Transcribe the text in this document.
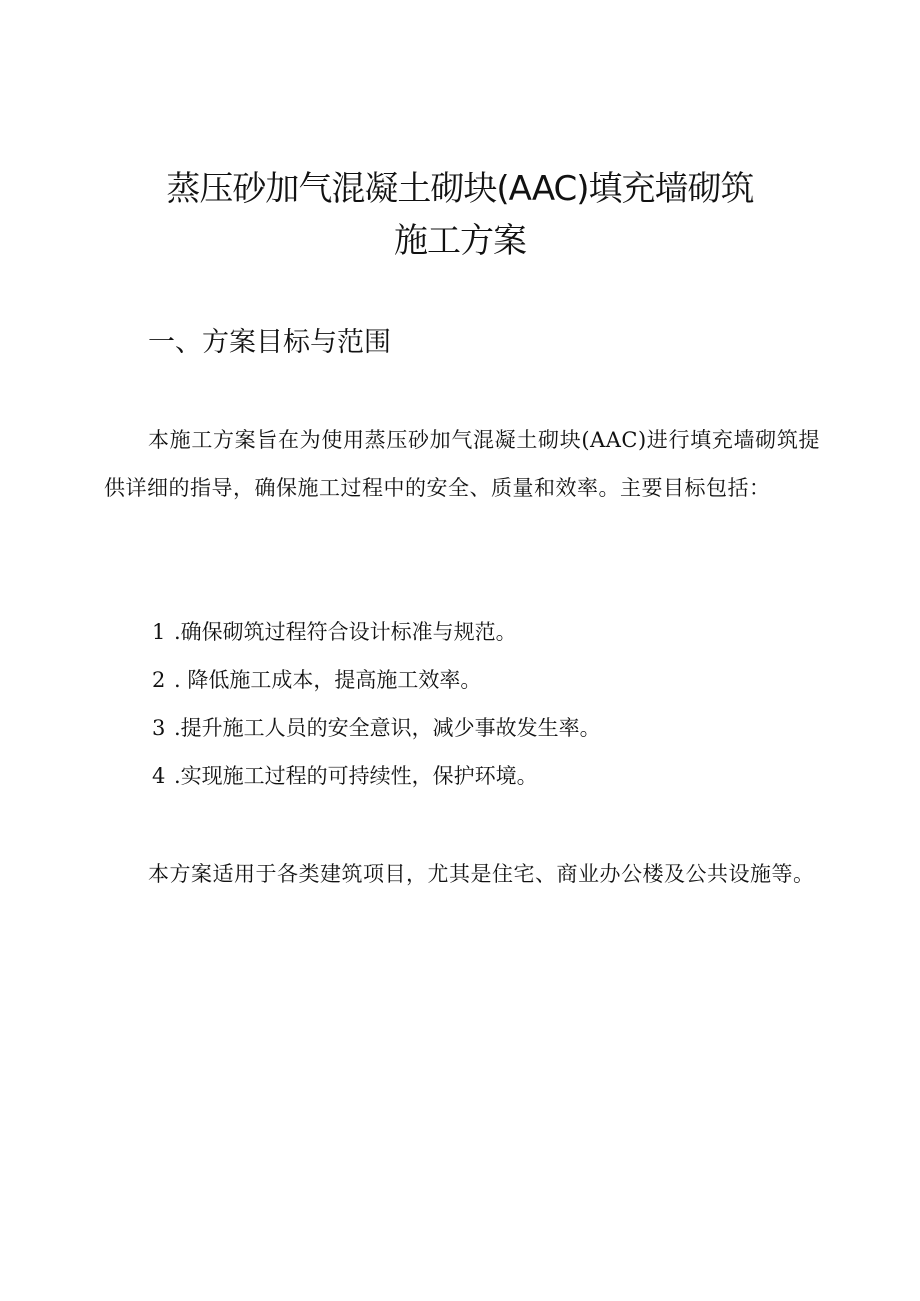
蒸压砂加气混凝土砌块(AAC)填充墙砌筑
施工方案
一、方案目标与范围

本施工方案旨在为使用蒸压砂加气混凝土砌块(AAC)进行填充墙砌筑提供详细的指导，确保施工过程中的安全、质量和效率。主要目标包括：

1 .确保砌筑过程符合设计标准与规范。
2 . 降低施工成本，提高施工效率。
3 .提升施工人员的安全意识，减少事故发生率。
4 .实现施工过程的可持续性，保护环境。

本方案适用于各类建筑项目，尤其是住宅、商业办公楼及公共设施等。
